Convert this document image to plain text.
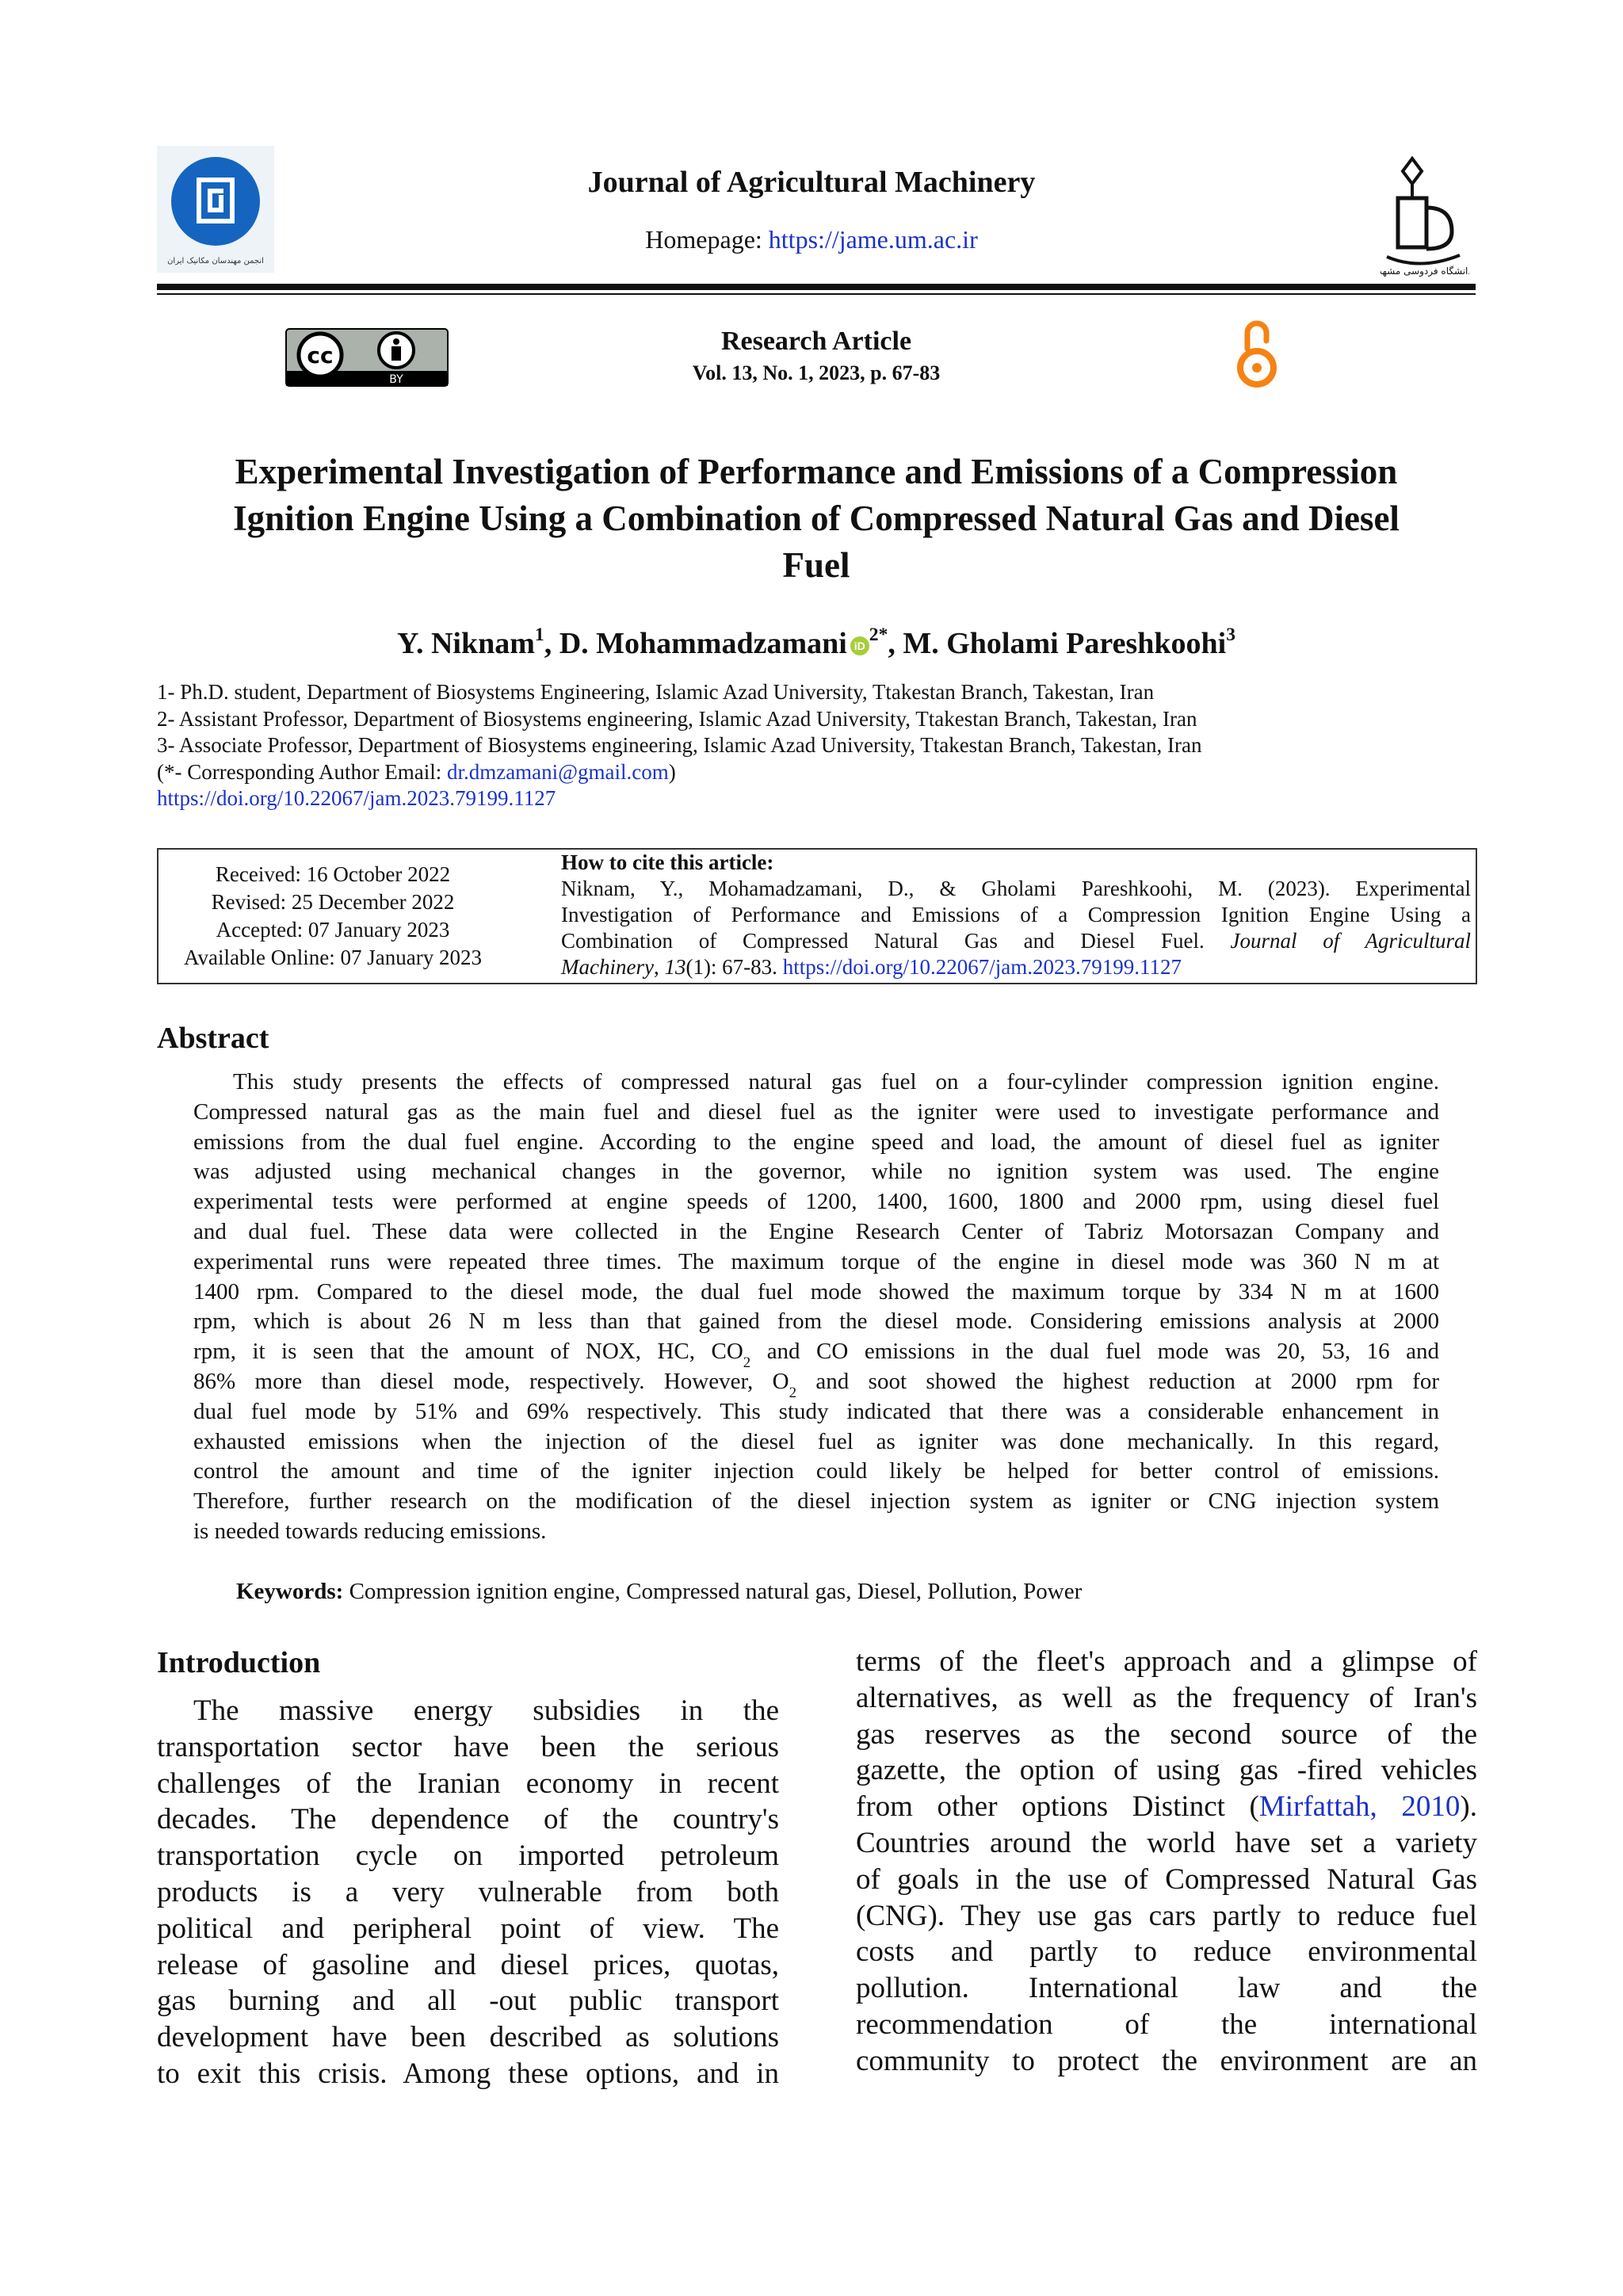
انجمن مهندسان مکانیک ایران
Journal of Agricultural Machinery
Homepage: https://jame.um.ac.ir
دانشگاه فردوسی مشهد
cc
BY
Research Article
Vol. 13, No. 1, 2023, p. 67-83
Experimental Investigation of Performance and Emissions of a Compression
Ignition Engine Using a Combination of Compressed Natural Gas and Diesel
Fuel
Y. Niknam$^1$, D. Mohammadzamani $iD^{2*}$, M. Gholami Pareshkoohi$^3$
1- Ph.D. student, Department of Biosystems Engineering, Islamic Azad University, Ttakestan Branch, Takestan, Iran
2- Assistant Professor, Department of Biosystems engineering, Islamic Azad University, Ttakestan Branch, Takestan, Iran
3- Associate Professor, Department of Biosystems engineering, Islamic Azad University, Ttakestan Branch, Takestan, Iran
(*- Corresponding Author Email: dr.dmzamani@gmail.com)
https://doi.org/10.22067/jam.2023.79199.1127
Received: 16 October 2022
Revised: 25 December 2022
Accepted: 07 January 2023
Available Online: 07 January 2023
How to cite this article:
Niknam, Y., Mohamadzamani, D., & Gholami Pareshkoohi, M. (2023). Experimental
Investigation of Performance and Emissions of a Compression Ignition Engine Using a
Combination of Compressed Natural Gas and Diesel Fuel. Journal of Agricultural
Machinery, 13(1): 67-83. https://doi.org/10.22067/jam.2023.79199.1127
Abstract
This study presents the effects of compressed natural gas fuel on a four-cylinder compression ignition engine.
Compressed natural gas as the main fuel and diesel fuel as the igniter were used to investigate performance and
emissions from the dual fuel engine. According to the engine speed and load, the amount of diesel fuel as igniter
was adjusted using mechanical changes in the governor, while no ignition system was used. The engine
experimental tests were performed at engine speeds of 1200, 1400, 1600, 1800 and 2000 rpm, using diesel fuel
and dual fuel. These data were collected in the Engine Research Center of Tabriz Motorsazan Company and
experimental runs were repeated three times. The maximum torque of the engine in diesel mode was 360 N m at
1400 rpm. Compared to the diesel mode, the dual fuel mode showed the maximum torque by 334 N m at 1600
rpm, which is about 26 N m less than that gained from the diesel mode. Considering emissions analysis at 2000
rpm, it is seen that the amount of NOX, HC, $CO_2$ and CO emissions in the dual fuel mode was 20, 53, 16 and
86% more than diesel mode, respectively. However, $O_2$ and soot showed the highest reduction at 2000 rpm for
dual fuel mode by 51% and 69% respectively. This study indicated that there was a considerable enhancement in
exhausted emissions when the injection of the diesel fuel as igniter was done mechanically. In this regard,
control the amount and time of the igniter injection could likely be helped for better control of emissions.
Therefore, further research on the modification of the diesel injection system as igniter or CNG injection system
is needed towards reducing emissions.
Keywords: Compression ignition engine, Compressed natural gas, Diesel, Pollution, Power
Introduction
The massive energy subsidies in the
transportation sector have been the serious
challenges of the Iranian economy in recent
decades. The dependence of the country's
transportation cycle on imported petroleum
products is a very vulnerable from both
political and peripheral point of view. The
release of gasoline and diesel prices, quotas,
gas burning and all -out public transport
development have been described as solutions
to exit this crisis. Among these options, and in
terms of the fleet's approach and a glimpse of
alternatives, as well as the frequency of Iran's
gas reserves as the second source of the
gazette, the option of using gas -fired vehicles
from other options Distinct (Mirfattah, 2010).
Countries around the world have set a variety
of goals in the use of Compressed Natural Gas
(CNG). They use gas cars partly to reduce fuel
costs and partly to reduce environmental
pollution. International law and the
recommendation of the international
community to protect the environment are an
